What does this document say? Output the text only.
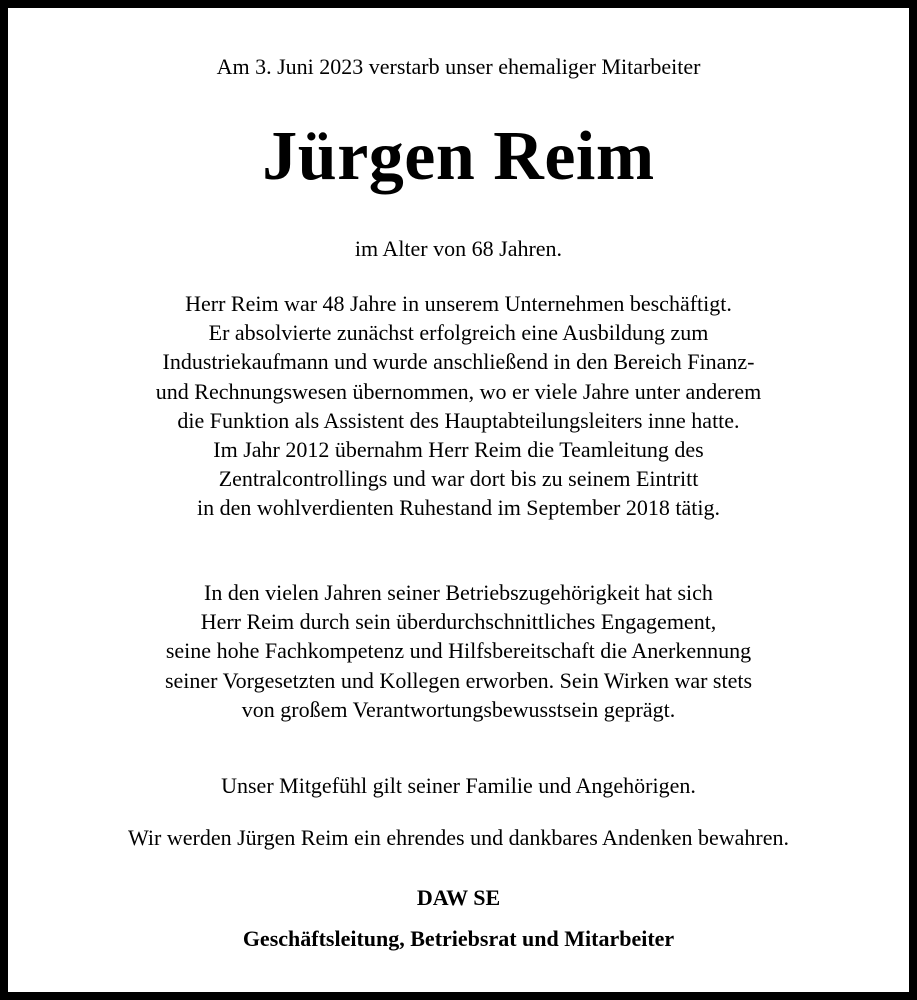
Am 3. Juni 2023 verstarb unser ehemaliger Mitarbeiter

Jürgen Reim

im Alter von 68 Jahren.

Herr Reim war 48 Jahre in unserem Unternehmen beschäftigt.
Er absolvierte zunächst erfolgreich eine Ausbildung zum
Industriekaufmann und wurde anschließend in den Bereich Finanz-
und Rechnungswesen übernommen, wo er viele Jahre unter anderem
die Funktion als Assistent des Hauptabteilungsleiters inne hatte.
Im Jahr 2012 übernahm Herr Reim die Teamleitung des
Zentralcontrollings und war dort bis zu seinem Eintritt
in den wohlverdienten Ruhestand im September 2018 tätig.
In den vielen Jahren seiner Betriebszugehörigkeit hat sich
Herr Reim durch sein überdurchschnittliches Engagement,
seine hohe Fachkompetenz und Hilfsbereitschaft die Anerkennung
seiner Vorgesetzten und Kollegen erworben. Sein Wirken war stets
von großem Verantwortungsbewusstsein geprägt.

Unser Mitgefühl gilt seiner Familie und Angehörigen.

Wir werden Jürgen Reim ein ehrendes und dankbares Andenken bewahren.

DAW SE

Geschäftsleitung, Betriebsrat und Mitarbeiter
